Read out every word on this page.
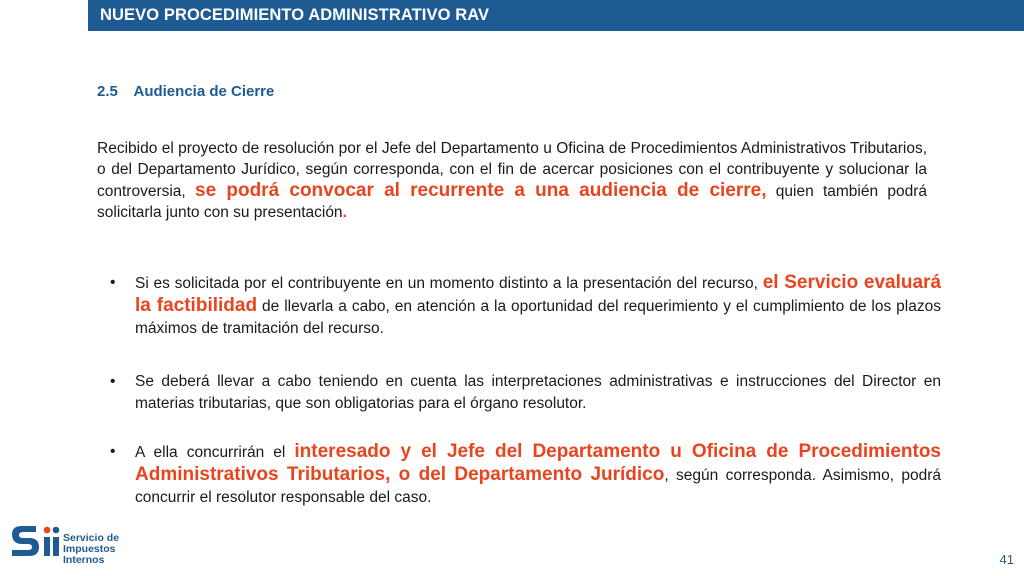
NUEVO PROCEDIMIENTO ADMINISTRATIVO RAV
2.5 Audiencia de Cierre
Recibido el proyecto de resolución por el Jefe del Departamento u Oficina de Procedimientos Administrativos Tributarios, o del Departamento Jurídico, según corresponda, con el fin de acercar posiciones con el contribuyente y solucionar la controversia, se podrá convocar al recurrente a una audiencia de cierre, quien también podrá solicitarla junto con su presentación.
• Si es solicitada por el contribuyente en un momento distinto a la presentación del recurso, el Servicio evaluará la factibilidad de llevarla a cabo, en atención a la oportunidad del requerimiento y el cumplimiento de los plazos máximos de tramitación del recurso.
• Se deberá llevar a cabo teniendo en cuenta las interpretaciones administrativas e instrucciones del Director en materias tributarias, que son obligatorias para el órgano resolutor.
• A ella concurrirán el interesado y el Jefe del Departamento u Oficina de Procedimientos Administrativos Tributarios, o del Departamento Jurídico, según corresponda. Asimismo, podrá concurrir el resolutor responsable del caso.
Servicio de
Impuestos
Internos	41
